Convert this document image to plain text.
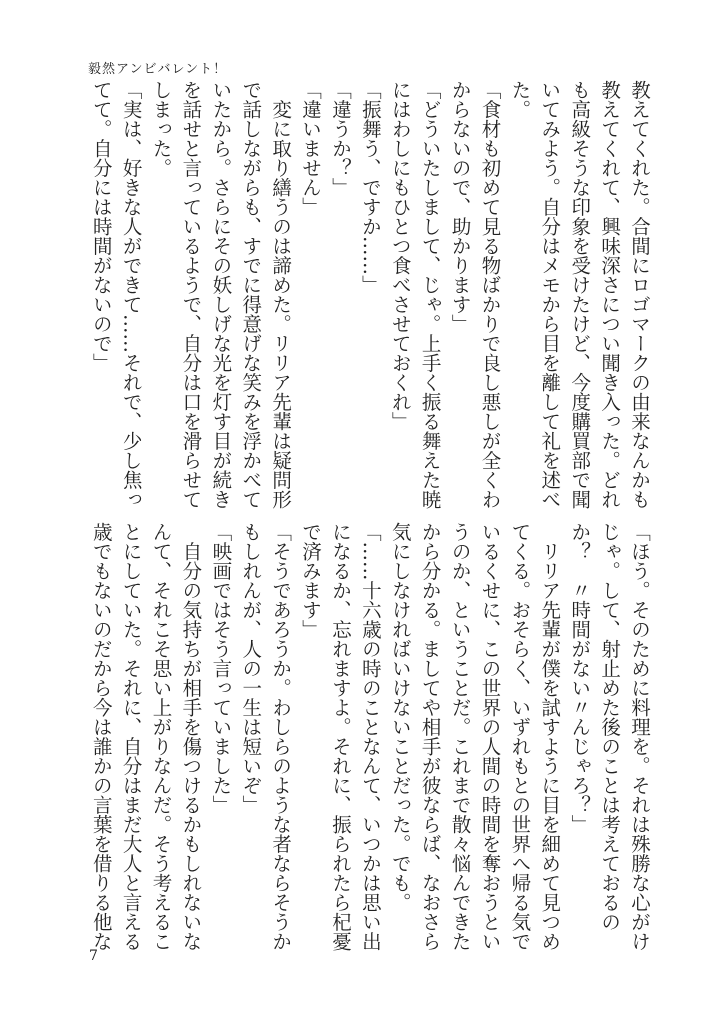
毅然アンビバレント！
教えてくれた。合間にロゴマークの由来なんかも
教えてくれて、興味深さについ聞き入った。どれ
も高級そうな印象を受けたけど、今度購買部で聞
いてみよう。自分はメモから目を離して礼を述べ
た。
「食材も初めて見る物ばかりで良し悪しが全くわ
からないので、助かります」
「どういたしまして、じゃ。上手く振る舞えた暁
にはわしにもひとつ食べさせておくれ」
「振舞う、ですか……」
「違うか？」
「違いません」
　変に取り繕うのは諦めた。リリア先輩は疑問形
で話しながらも、すでに得意げな笑みを浮かべて
いたから。さらにその妖しげな光を灯す目が続き
を話せと言っているようで、自分は口を滑らせて
しまった。
「実は、好きな人ができて……それで、少し焦っ
てて。自分には時間がないので」
「ほう。そのために料理を。それは殊勝な心がけ
じゃ。して、射止めた後のことは考えておるの
か？　〃時間がない〃んじゃろ？」
　リリア先輩が僕を試すように目を細めて見つめ
てくる。おそらく、いずれもとの世界へ帰る気で
いるくせに、この世界の人間の時間を奪おうとい
うのか、ということだ。これまで散々悩んできた
から分かる。ましてや相手が彼ならば、なおさら
気にしなければいけないことだった。でも。
「……十六歳の時のことなんて、いつかは思い出
になるか、忘れますよ。それに、振られたら杞憂
で済みます」
「そうであろうか。わしらのような者ならそうか
もしれんが、人の一生は短いぞ」
「映画ではそう言っていました」
　自分の気持ちが相手を傷つけるかもしれないな
んて、それこそ思い上がりなんだ。そう考えるこ
とにしていた。それに、自分はまだ大人と言える
歳でもないのだから今は誰かの言葉を借りる他な
7
